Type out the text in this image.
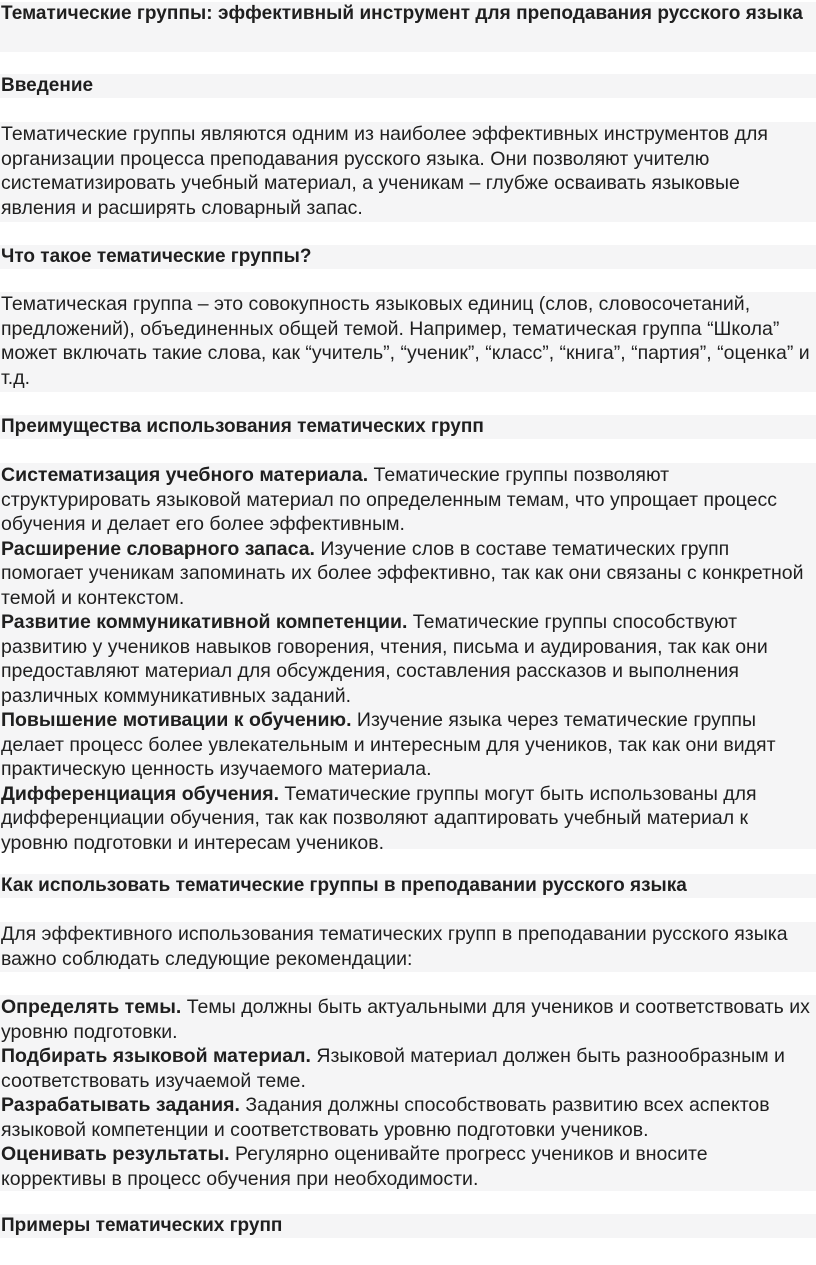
Тематические группы: эффективный инструмент для преподавания русского языка
Введение
Тематические группы являются одним из наиболее эффективных инструментов для организации процесса преподавания русского языка. Они позволяют учителю систематизировать учебный материал, а ученикам – глубже осваивать языковые явления и расширять словарный запас.
Что такое тематические группы?
Тематическая группа – это совокупность языковых единиц (слов, словосочетаний, предложений), объединенных общей темой. Например, тематическая группа “Школа” может включать такие слова, как “учитель”, “ученик”, “класс”, “книга”, “партия”, “оценка” и т.д.
Преимущества использования тематических групп
Систематизация учебного материала. Тематические группы позволяют структурировать языковой материал по определенным темам, что упрощает процесс обучения и делает его более эффективным.
Расширение словарного запаса. Изучение слов в составе тематических групп помогает ученикам запоминать их более эффективно, так как они связаны с конкретной темой и контекстом.
Развитие коммуникативной компетенции. Тематические группы способствуют развитию у учеников навыков говорения, чтения, письма и аудирования, так как они предоставляют материал для обсуждения, составления рассказов и выполнения различных коммуникативных заданий.
Повышение мотивации к обучению. Изучение языка через тематические группы делает процесс более увлекательным и интересным для учеников, так как они видят практическую ценность изучаемого материала.
Дифференциация обучения. Тематические группы могут быть использованы для дифференциации обучения, так как позволяют адаптировать учебный материал к уровню подготовки и интересам учеников.
Как использовать тематические группы в преподавании русского языка
Для эффективного использования тематических групп в преподавании русского языка важно соблюдать следующие рекомендации:
Определять темы. Темы должны быть актуальными для учеников и соответствовать их уровню подготовки.
Подбирать языковой материал. Языковой материал должен быть разнообразным и соответствовать изучаемой теме.
Разрабатывать задания. Задания должны способствовать развитию всех аспектов языковой компетенции и соответствовать уровню подготовки учеников.
Оценивать результаты. Регулярно оценивайте прогресс учеников и вносите коррективы в процесс обучения при необходимости.
Примеры тематических групп
